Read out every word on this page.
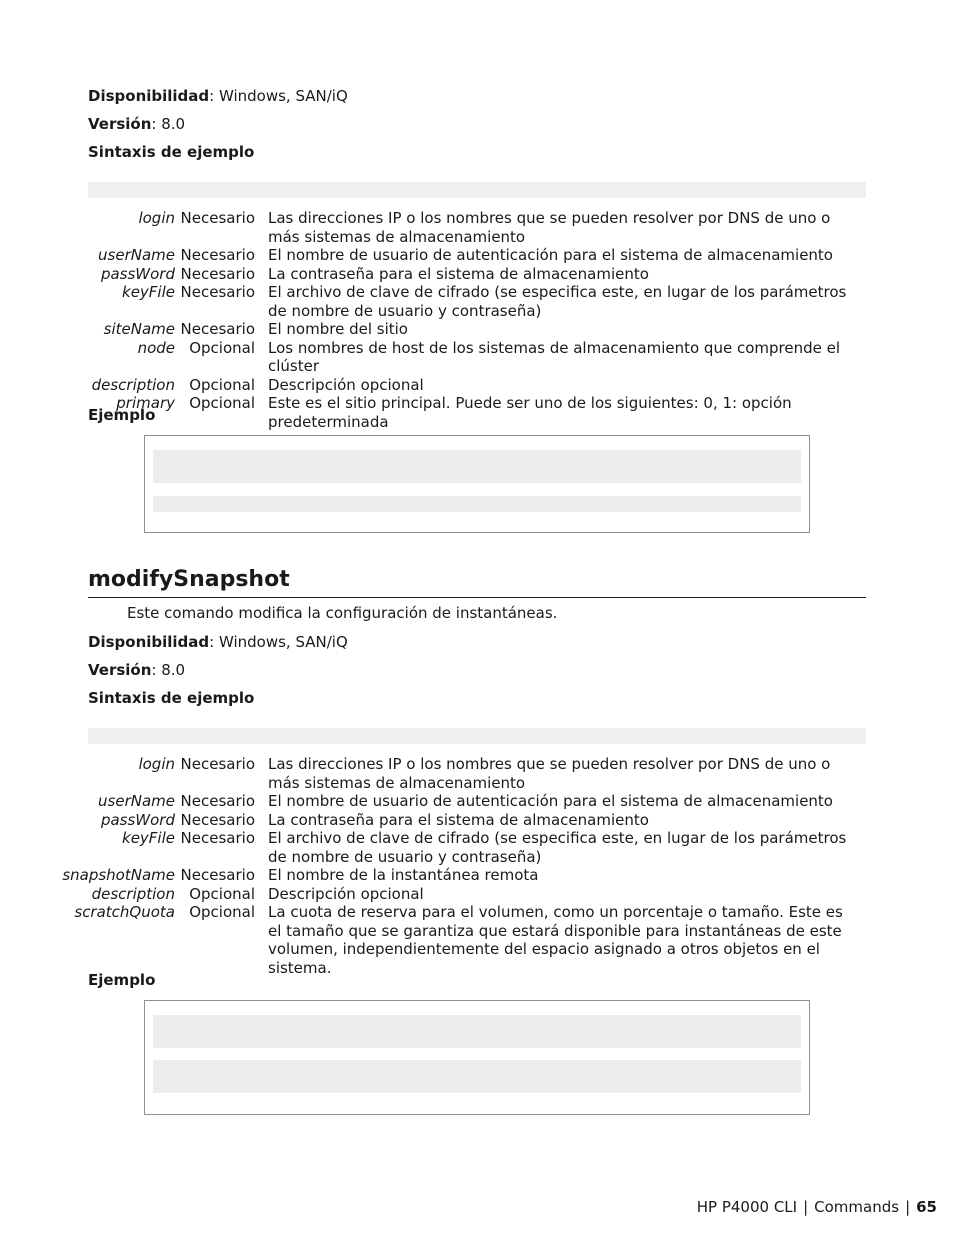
Disponibilidad: Windows, SAN/iQ
Versión: 8.0
Sintaxis de ejemplo
login Necesario Las direcciones IP o los nombres que se pueden resolver por DNS de uno o más sistemas de almacenamiento
userName Necesario El nombre de usuario de autenticación para el sistema de almacenamiento
passWord Necesario La contraseña para el sistema de almacenamiento
keyFile Necesario El archivo de clave de cifrado (se especifica este, en lugar de los parámetros de nombre de usuario y contraseña)
siteName Necesario El nombre del sitio
node Opcional Los nombres de host de los sistemas de almacenamiento que comprende el clúster
description Opcional Descripción opcional
primary Opcional Este es el sitio principal. Puede ser uno de los siguientes: 0, 1: opción predeterminada
Ejemplo
modifySnapshot
Este comando modifica la configuración de instantáneas.
Disponibilidad: Windows, SAN/iQ
Versión: 8.0
Sintaxis de ejemplo
login Necesario Las direcciones IP o los nombres que se pueden resolver por DNS de uno o más sistemas de almacenamiento
userName Necesario El nombre de usuario de autenticación para el sistema de almacenamiento
passWord Necesario La contraseña para el sistema de almacenamiento
keyFile Necesario El archivo de clave de cifrado (se especifica este, en lugar de los parámetros de nombre de usuario y contraseña)
snapshotName Necesario El nombre de la instantánea remota
description Opcional Descripción opcional
scratchQuota Opcional La cuota de reserva para el volumen, como un porcentaje o tamaño. Este es el tamaño que se garantiza que estará disponible para instantáneas de este volumen, independientemente del espacio asignado a otros objetos en el sistema.
Ejemplo
HP P4000 CLI | Commands | 65
